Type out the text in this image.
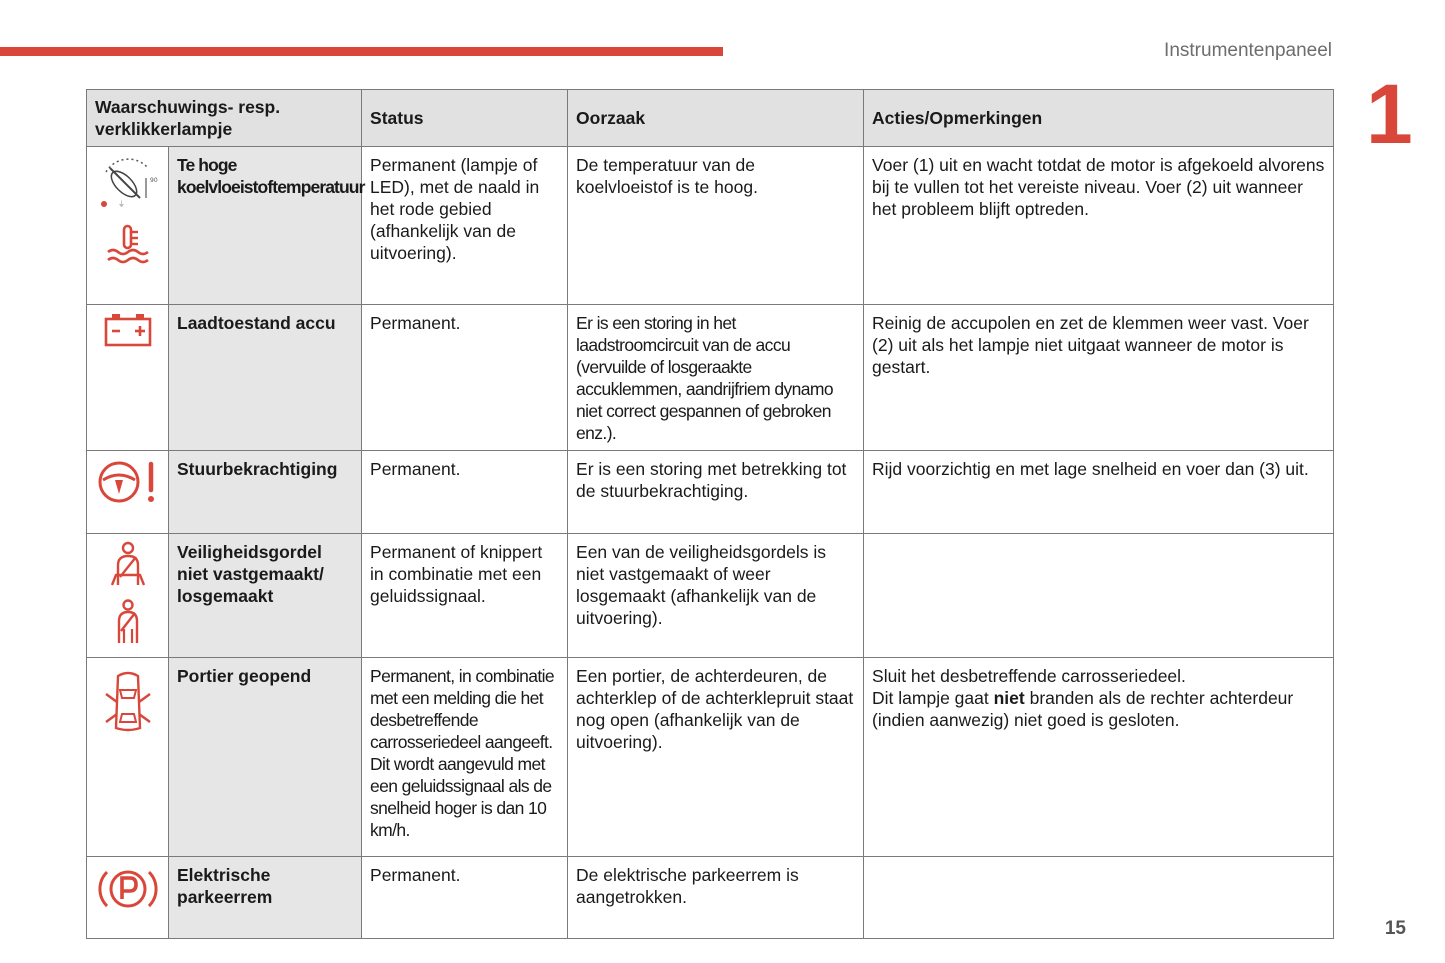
Instrumentenpaneel
1
15
Waarschuwings- resp. verklikkerlampje		Status	Oorzaak	Acties/Opmerkingen

90
⏚	Te hoge koelvloeistoftemperatuur	Permanent (lampje of LED), met de naald in het rode gebied (afhankelijk van de uitvoering).	De temperatuur van de koelvloeistof is te hoog.	Voer (1) uit en wacht totdat de motor is afgekoeld alvorens bij te vullen tot het vereiste niveau. Voer (2) uit wanneer het probleem blijft optreden.

	Laadtoestand accu	Permanent.	Er is een storing in het laadstroomcircuit van de accu (vervuilde of losgeraakte accuklemmen, aandrijfriem dynamo niet correct gespannen of gebroken enz.).	Reinig de accupolen en zet de klemmen weer vast. Voer (2) uit als het lampje niet uitgaat wanneer de motor is gestart.

	Stuurbekrachtiging	Permanent.	Er is een storing met betrekking tot de stuurbekrachtiging.	Rijd voorzichtig en met lage snelheid en voer dan (3) uit.

	Veiligheidsgordel niet vastgemaakt/ losgemaakt	Permanent of knippert in combinatie met een geluidssignaal.	Een van de veiligheidsgordels is niet vastgemaakt of weer losgemaakt (afhankelijk van de uitvoering).	

	Portier geopend	Permanent, in combinatie met een melding die het desbetreffende carrosseriedeel aangeeft. Dit wordt aangevuld met een geluidssignaal als de snelheid hoger is dan 10 km/h.	Een portier, de achterdeuren, de achterklep of de achterklepruit staat nog open (afhankelijk van de uitvoering).	Sluit het desbetreffende carrosseriedeel.
Dit lampje gaat niet branden als de rechter achterdeur (indien aanwezig) niet goed is gesloten.

	Elektrische parkeerrem	Permanent.	De elektrische parkeerrem is aangetrokken.	
